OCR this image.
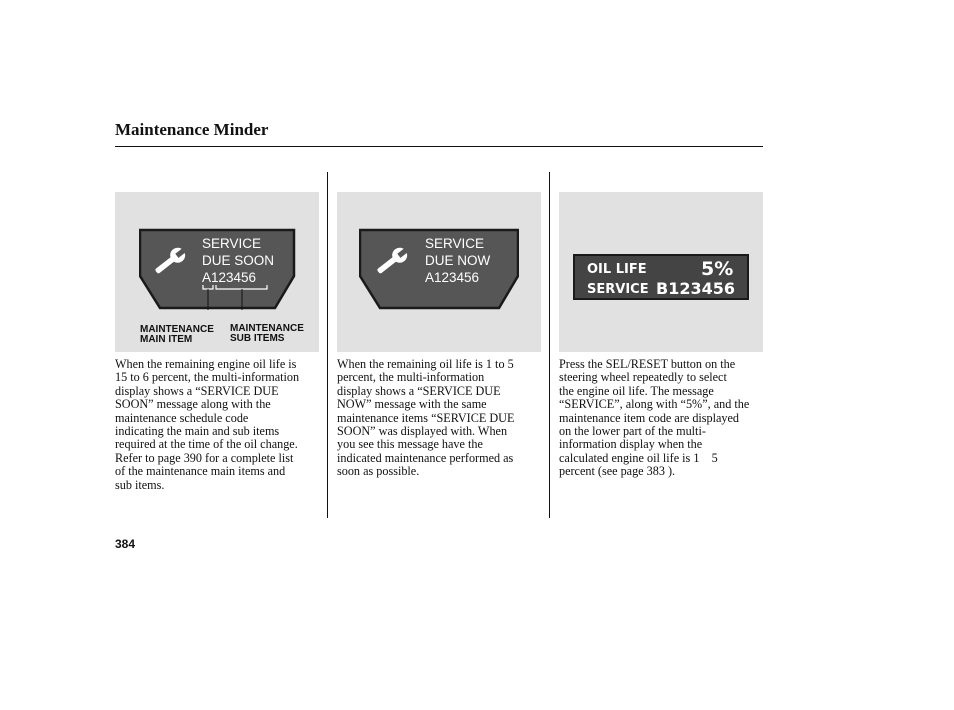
Maintenance Minder
SERVICE
DUE SOON
A123456
MAINTENANCE
MAIN ITEM
MAINTENANCE
SUB ITEMS
When the remaining engine oil life is
15 to 6 percent, the multi-information
display shows a “SERVICE DUE
SOON” message along with the
maintenance schedule code
indicating the main and sub items
required at the time of the oil change.
Refer to page 390 for a complete list
of the maintenance main items and
sub items.
SERVICE
DUE NOW
A123456
When the remaining oil life is 1 to 5
percent, the multi-information
display shows a “SERVICE DUE
NOW” message with the same
maintenance items “SERVICE DUE
SOON” was displayed with. When
you see this message have the
indicated maintenance performed as
soon as possible.
OIL LIFE	5%
SERVICE B123456
Press the SEL/RESET button on the
steering wheel repeatedly to select
the engine oil life. The message
“SERVICE”, along with “5%”, and the
maintenance item code are displayed
on the lower part of the multi-
information display when the
calculated engine oil life is 1    5
percent (see page 383 ).
384
